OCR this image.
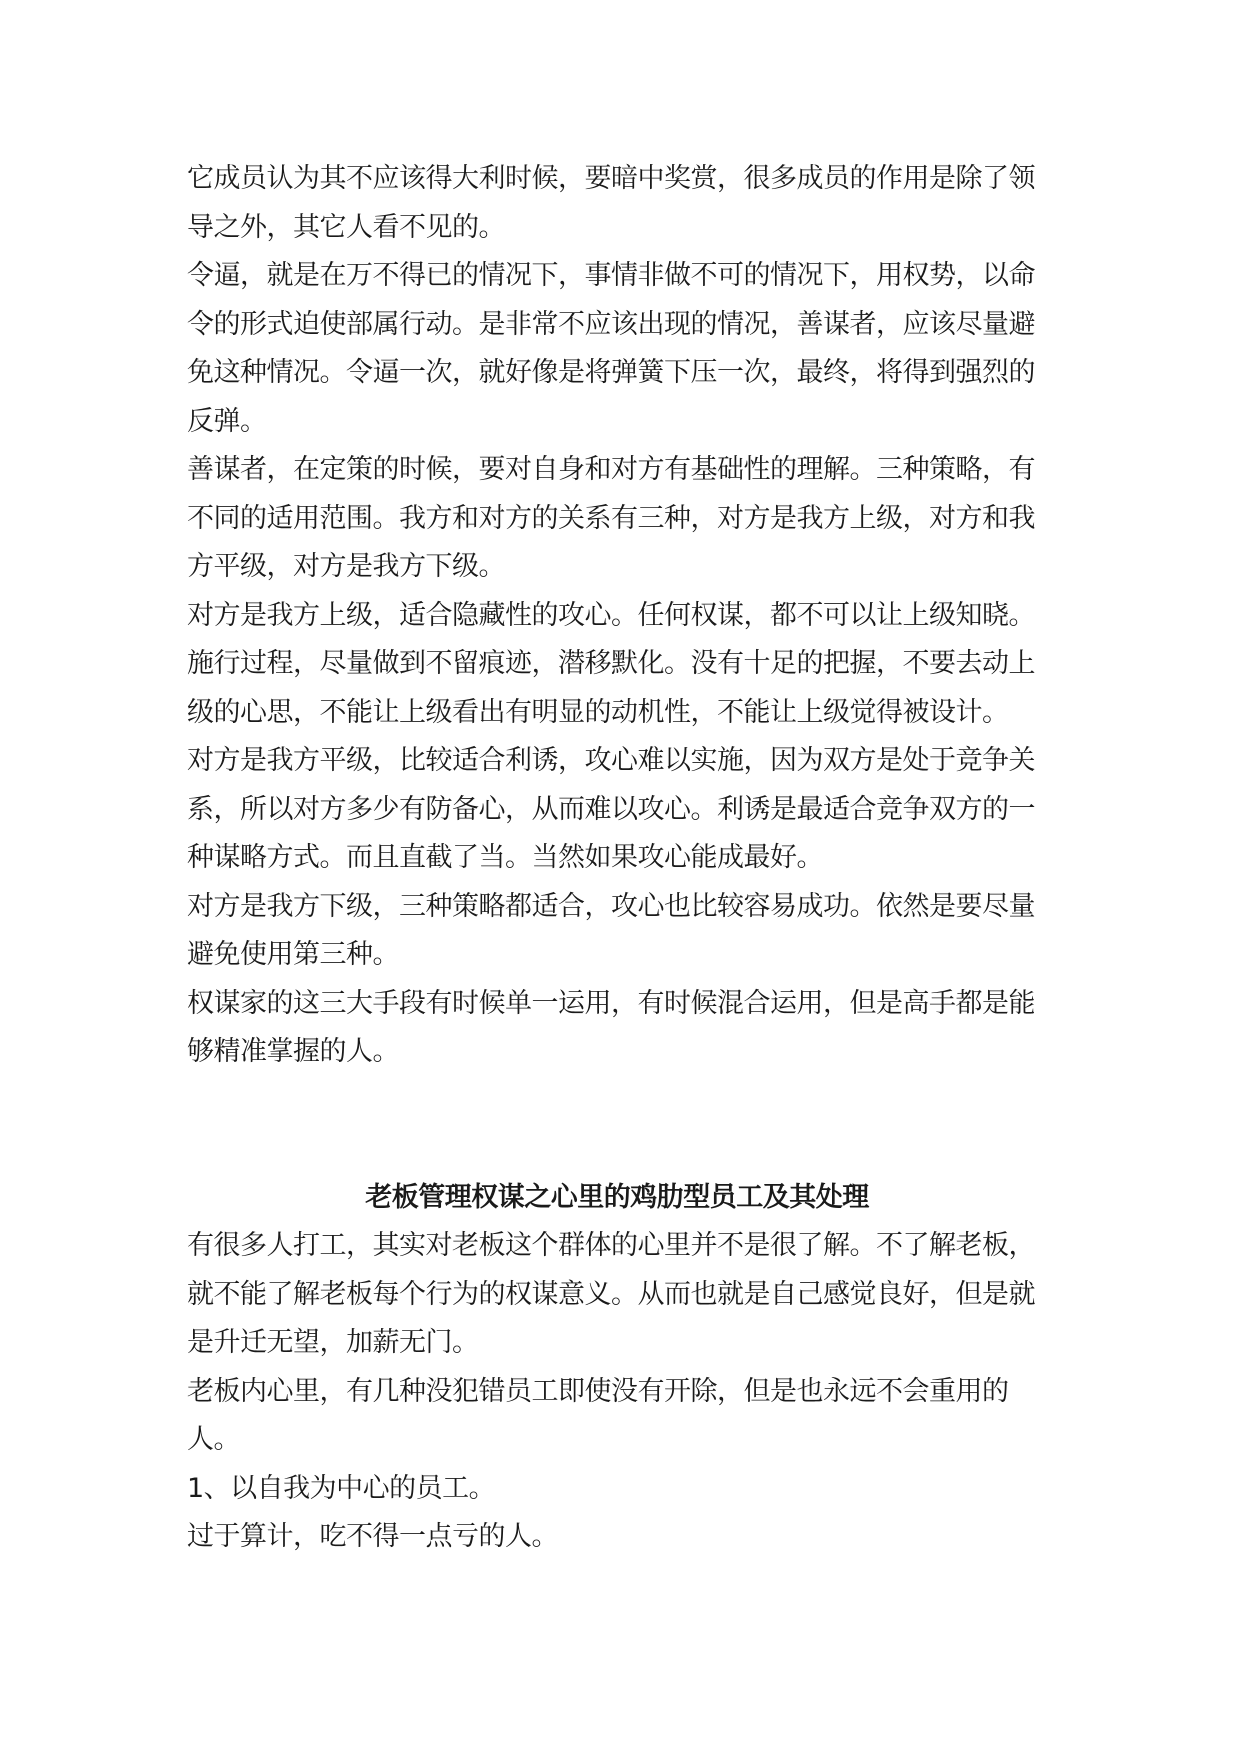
它成员认为其不应该得大利时候，要暗中奖赏，很多成员的作用是除了领导之外，其它人看不见的。

令逼，就是在万不得已的情况下，事情非做不可的情况下，用权势，以命令的形式迫使部属行动。是非常不应该出现的情况，善谋者，应该尽量避免这种情况。令逼一次，就好像是将弹簧下压一次，最终，将得到强烈的反弹。

善谋者，在定策的时候，要对自身和对方有基础性的理解。三种策略，有不同的适用范围。我方和对方的关系有三种，对方是我方上级，对方和我方平级，对方是我方下级。

对方是我方上级，适合隐藏性的攻心。任何权谋，都不可以让上级知晓。施行过程，尽量做到不留痕迹，潜移默化。没有十足的把握，不要去动上级的心思，不能让上级看出有明显的动机性，不能让上级觉得被设计。

对方是我方平级，比较适合利诱，攻心难以实施，因为双方是处于竞争关系，所以对方多少有防备心，从而难以攻心。利诱是最适合竞争双方的一种谋略方式。而且直截了当。当然如果攻心能成最好。

对方是我方下级，三种策略都适合，攻心也比较容易成功。依然是要尽量避免使用第三种。

权谋家的这三大手段有时候单一运用，有时候混合运用，但是高手都是能够精准掌握的人。

老板管理权谋之心里的鸡肋型员工及其处理

有很多人打工，其实对老板这个群体的心里并不是很了解。不了解老板，就不能了解老板每个行为的权谋意义。从而也就是自己感觉良好，但是就是升迁无望，加薪无门。

老板内心里，有几种没犯错员工即使没有开除，但是也永远不会重用的人。

1、以自我为中心的员工。

过于算计，吃不得一点亏的人。
